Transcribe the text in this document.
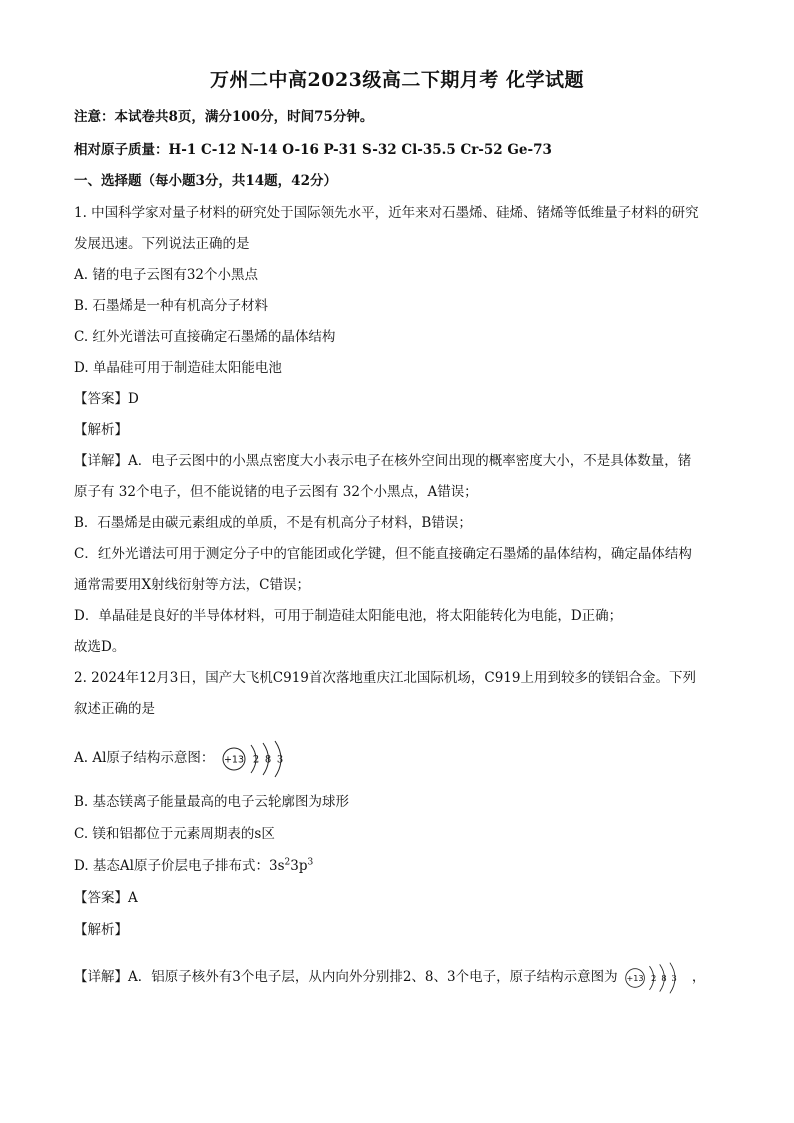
万州二中高2023级高二下期月考 化学试题
注意：本试卷共8页，满分100分，时间75分钟。
相对原子质量：H-1 C-12 N-14 O-16 P-31 S-32 Cl-35.5 Cr-52 Ge-73
一、选择题（每小题3分，共14题，42分）
1. 中国科学家对量子材料的研究处于国际领先水平，近年来对石墨烯、硅烯、锗烯等低维量子材料的研究
发展迅速。下列说法正确的是
A. 锗的电子云图有32个小黑点
B. 石墨烯是一种有机高分子材料
C. 红外光谱法可直接确定石墨烯的晶体结构
D. 单晶硅可用于制造硅太阳能电池
【答案】D
【解析】
【详解】A．电子云图中的小黑点密度大小表示电子在核外空间出现的概率密度大小，不是具体数量，锗
原子有 32个电子，但不能说锗的电子云图有 32个小黑点，A错误；
B．石墨烯是由碳元素组成的单质，不是有机高分子材料，B错误；
C．红外光谱法可用于测定分子中的官能团或化学键，但不能直接确定石墨烯的晶体结构，确定晶体结构
通常需要用X射线衍射等方法，C错误；
D．单晶硅是良好的半导体材料，可用于制造硅太阳能电池，将太阳能转化为电能，D正确；
故选D。
2. 2024年12月3日，国产大飞机C919首次落地重庆江北国际机场，C919上用到较多的镁铝合金。下列
叙述正确的是
A. Al原子结构示意图： +13 2 8 3
B. 基态镁离子能量最高的电子云轮廓图为球形
C. 镁和铝都位于元素周期表的s区
D. 基态Al原子价层电子排布式：$3s^23p^3$
【答案】A
【解析】
【详解】A．铝原子核外有3个电子层，从内向外分别排2、8、3个电子，原子结构示意图为 +13 2 8 3 ，
